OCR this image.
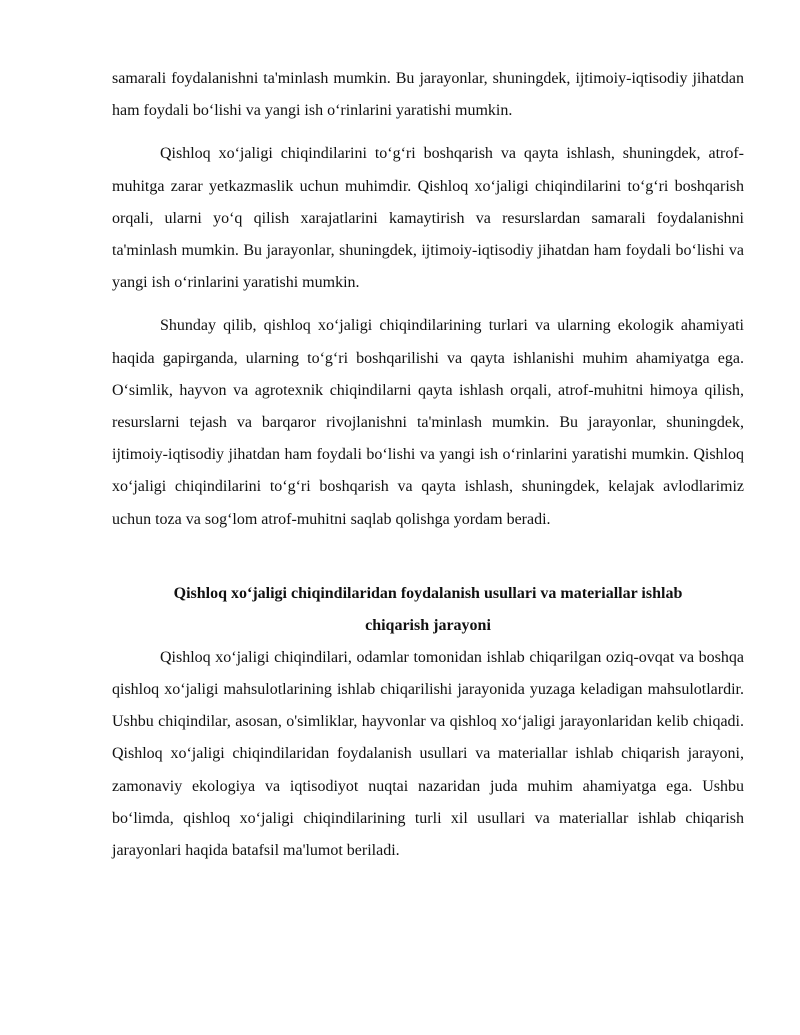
samarali foydalanishni ta'minlash mumkin. Bu jarayonlar, shuningdek, ijtimoiy-iqtisodiy jihatdan ham foydali boʻlishi va yangi ish oʻrinlarini yaratishi mumkin.

Qishloq xoʻjaligi chiqindilarini toʻgʻri boshqarish va qayta ishlash, shuningdek, atrof-muhitga zarar yetkazmaslik uchun muhimdir. Qishloq xoʻjaligi chiqindilarini toʻgʻri boshqarish orqali, ularni yoʻq qilish xarajatlarini kamaytirish va resurslardan samarali foydalanishni ta'minlash mumkin. Bu jarayonlar, shuningdek, ijtimoiy-iqtisodiy jihatdan ham foydali boʻlishi va yangi ish oʻrinlarini yaratishi mumkin.

Shunday qilib, qishloq xoʻjaligi chiqindilarining turlari va ularning ekologik ahamiyati haqida gapirganda, ularning toʻgʻri boshqarilishi va qayta ishlanishi muhim ahamiyatga ega. Oʻsimlik, hayvon va agrotexnik chiqindilarni qayta ishlash orqali, atrof-muhitni himoya qilish, resurslarni tejash va barqaror rivojlanishni ta'minlash mumkin. Bu jarayonlar, shuningdek, ijtimoiy-iqtisodiy jihatdan ham foydali boʻlishi va yangi ish oʻrinlarini yaratishi mumkin. Qishloq xoʻjaligi chiqindilarini toʻgʻri boshqarish va qayta ishlash, shuningdek, kelajak avlodlarimiz uchun toza va sogʻlom atrof-muhitni saqlab qolishga yordam beradi.

Qishloq xoʻjaligi chiqindilaridan foydalanish usullari va materiallar ishlab
chiqarish jarayoni

Qishloq xoʻjaligi chiqindilari, odamlar tomonidan ishlab chiqarilgan oziq-ovqat va boshqa qishloq xoʻjaligi mahsulotlarining ishlab chiqarilishi jarayonida yuzaga keladigan mahsulotlardir. Ushbu chiqindilar, asosan, o'simliklar, hayvonlar va qishloq xoʻjaligi jarayonlaridan kelib chiqadi. Qishloq xoʻjaligi chiqindilaridan foydalanish usullari va materiallar ishlab chiqarish jarayoni, zamonaviy ekologiya va iqtisodiyot nuqtai nazaridan juda muhim ahamiyatga ega. Ushbu boʻlimda, qishloq xoʻjaligi chiqindilarining turli xil usullari va materiallar ishlab chiqarish jarayonlari haqida batafsil ma'lumot beriladi.
